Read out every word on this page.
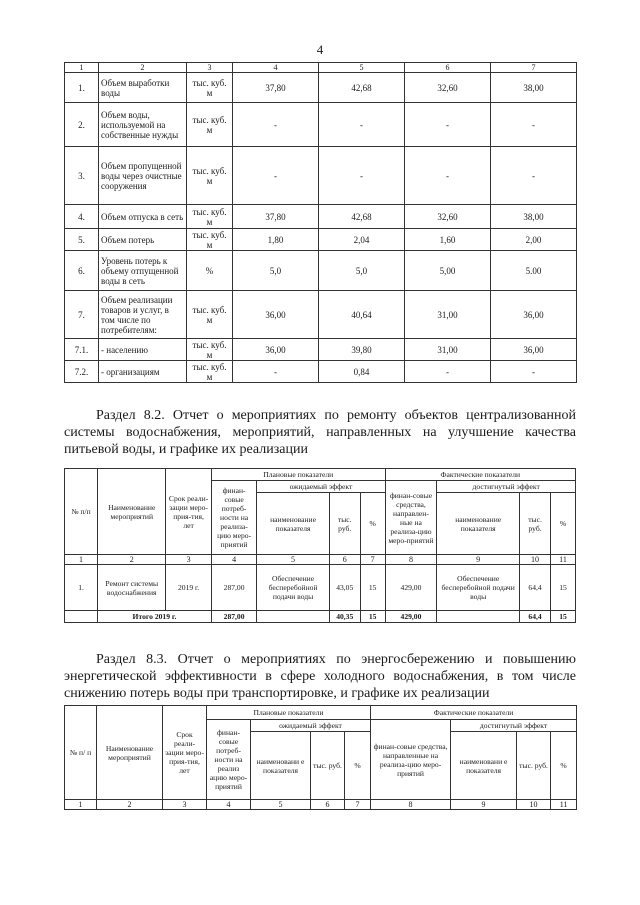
4
1	2	3	4	5	6	7
1.	Объем выработки воды	тыс. куб. м	37,80	42,68	32,60	38,00
2.	Объем воды, используемой на собственные нужды	тыс. куб. м	-	-	-	-
3.	Объем пропущенной воды через очистные сооружения	тыс. куб. м	-	-	-	-
4.	Объем отпуска в сеть	тыс. куб. м	37,80	42,68	32,60	38,00
5.	Объем потерь	тыс. куб. м	1,80	2,04	1,60	2,00
6.	Уровень потерь к объему отпущенной воды в сеть	%	5,0	5,0	5,00	5.00
7.	Объем реализации товаров и услуг, в том числе по потребителям:	тыс. куб. м	36,00	40,64	31,00	36,00
7.1.	- населению	тыс. куб. м	36,00	39,80	31,00	36,00
7.2.	- организациям	тыс. куб. м	-	0,84	-	-

Раздел 8.2. Отчет о мероприятиях по ремонту объектов централизованной системы водоснабжения, мероприятий, направленных на улучшение качества питьевой воды, и графике их реализации

№ п/п	Наименование мероприятий	Срок реали-зации меро-прия-тия, лет	Плановые показатели				Фактические показатели			
			финан-совые потреб-ности на реализа-цию меро-приятий	ожидаемый эффект			финан-совые средства, направлен-ные на реализа-цию меро-приятий	достигнутый эффект		
				наименование показателя	тыс. руб.	%		наименование показателя	тыс. руб.	%
1	2	3	4	5	6	7	8	9	10	11
1.	Ремонт системы водоснабжения	2019 г.	287,00	Обеспечение бесперебойной подачи воды	43,05	15	429,00	Обеспечение бесперебойной подачи воды	64,4	15
	Итого 2019 г.		287,00		40,35	15	429,00		64,4	15

Раздел 8.3. Отчет о мероприятиях по энергосбережению и повышению энергетической эффективности в сфере холодного водоснабжения, в том числе снижению потерь воды при транспортировке, и графике их реализации

№ п/ п	Наименование мероприятий	Срок реали-зации меро-прия-тия, лет	Плановые показатели				Фактические показатели			
			финан-совые потреб-ности на реализ ацию меро-приятий	ожидаемый эффект			финан-совые средства, направленные на реализа-цию меро-приятий	достигнутый эффект		
				наименовани е показателя	тыс. руб.	%		наименовани е показателя	тыс. руб.	%
1	2	3	4	5	6	7	8	9	10	11
